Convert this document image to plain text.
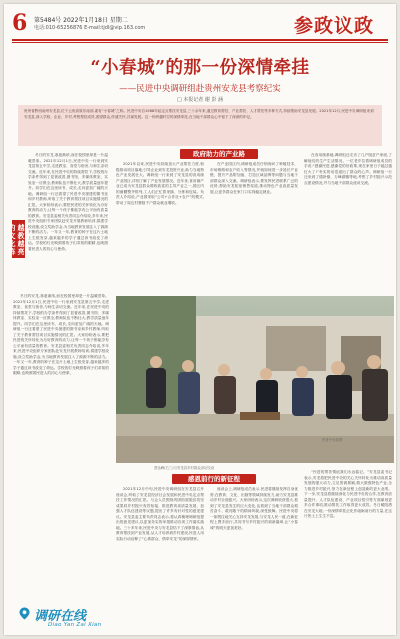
6 第5484号 2022年1月18日 星期二
电话:010-65256876 E-mail:tjdl@vip.163.com	参政议政
“小春城”的那一份深情牵挂
——民进中央调研组赴贵州安龙县考察纪实
□ 本报记者 谢 彭 涵
贵州省黔西南州安龙县,位于云贵高原东南部,素有“小春城”之称。民进中央自1988年起定点帮扶安龙县,三十余年来,通过教育帮扶、产业帮扶、人才帮扶等多种方式,持续帮助安龙县发展。2021年12月,民进中央调研组来到安龙县,深入学校、企业、乡村,考察帮扶成效,看望群众,传递关怀,共谋发展。这一份跨越时空的深情牵挂,在当地干部群众心中留下了深深的印记。
越教越亮的文化阵

冬日的安龙,寒意渐浓,而在校园里却是一片温暖景象。2021年12月1日,民进中央一行来到安龙县第五中学,走进教室、食堂与宿舍,与师生亲切交流。近年来,在民进中央的持续帮扶下,学校的办学条件得到了显著改善,图书馆、多媒体教室、实验室一应俱全,教师队伍不断壮大,教学质量逐年提升。同学们在这里读书、成长,走向更加广阔的天地。调研组一行还看望了民进中央援建的图书室和乡村教师,听取了关于教育帮扶项目实施情况的汇报。大家纷纷表示,要把民进的关怀转化为办好教育的动力,让每一个孩子都能享有公平而有质量的教育。安龙县委相关负责同志介绍说,多年来,民进中央组织专家团队赴安龙开展教师培训,捐建学校设施,设立奖助学金,为当地教育发展注入了源源不断的活力。一年又一年,教育的种子在这片土地上生根发芽,越来越多的学子通过读书改变了命运。学校的灯光映照着孩子们求知的眼睛,也映照着民进人的初心与使命。

冬日的安龙,寒意渐浓,而在校园里却是一片温暖景象。2021年12月1日,民进中央一行来到安龙县第五中学,走进教室、食堂与宿舍,与师生亲切交流。近年来,在民进中央的持续帮扶下,学校的办学条件得到了显著改善,图书馆、多媒体教室、实验室一应俱全,教师队伍不断壮大,教学质量逐年提升。同学们在这里读书、成长,走向更加广阔的天地。调研组一行还看望了民进中央援建的图书室和乡村教师,听取了关于教育帮扶项目实施情况的汇报。大家纷纷表示,要把民进的关怀转化为办好教育的动力,让每一个孩子都能享有公平而有质量的教育。安龙县委相关负责同志介绍说,多年来,民进中央组织专家团队赴安龙开展教师培训,捐建学校设施,设立奖助学金,为当地教育发展注入了源源不断的活力。一年又一年,教育的种子在这片土地上生根发芽,越来越多的学子通过读书改变了命运。学校的灯光映照着孩子们求知的眼睛,也映照着民进人的初心与使命。

政府助力的产业路

2021年以来,民进中央持续加大产业帮扶力度,积极推动项目落地,引导企业到安龙投资兴业,助力当地特色产业发展壮大。调研组一行来到了安龙县的食用菌产业园区,详细了解了产业发展情况。近年来,食用菌产业已成为安龙县群众增收致富的主导产业之一,园区内的菌棚整齐排列,工人们正忙着采摘、分拣和包装。负责人介绍说,产业园采取“公司+合作社+农户”的模式,带动了周边村寨数千户群众就业增收。

在产业园区内,调研组成员仔细询问了种植技术、市场销路和农户收入等情况,并就如何进一步延长产业链、提升产品附加值、打造区域品牌等问题与当地干部群众深入交流。调研组表示,要发挥民进联系广泛的优势,帮助安龙拓宽销售渠道,推动特色产业高质量发展,让更多群众在家门口实现稳定就业。

在食用菌基地,调研组还走访了几户脱贫户家庭,了解他们的生产生活情况。一位老乡拉着调研组成员的手说:“感谢民进,感谢党的好政策,现在家里日子越过越红火了!”朴实的话语道出了群众的心声。调研组一行还来到了德卧镇、万峰湖镇等地,考察了乡村振兴示范点建设情况,并与当地干部群众座谈交流。

蔡达峰(右三)与安龙县乡村群众亲切交谈
民进中央供图
感恩前行的新征程

2021年12月中旬,民进中央调研组在安龙县召开座谈会,听取了安龙县经济社会发展和民进中央定点帮扶工作情况的汇报。与会人员围绕巩固拓展脱贫攻坚成果同乡村振兴有效衔接、推进教育高质量发展、加强人才队伍建设等议题,提出了许多有针对性的意见建议。安龙县委主要负责同志表示,将认真梳理调研组提出的意见建议,以更加务实的举措推动各项工作落实落地。三十多年来,民进中央与安龙县结下了深厚情谊,从教育帮扶到产业发展,从人才培养到乡村建设,民进人用实际行动诠释了“心系群众、情牵安龙”的深厚情怀。

座谈会上,调研组成员表示,民进将继续发挥自身优势,在教育、文化、出版等领域持续发力,助力安龙县推动乡村全面振兴。大家纷纷表示,这次调研收获很大,看到了安龙县发生的巨大变化,也看到了当地干部群众艰苦奋斗、敢闯敢干的精神风貌,深受鼓舞。民进中央将一如既往地关心支持安龙发展,与安龙人民一道,在新征程上携手前行,共同书写乡村振兴的崭新篇章,让“小春城”的明天更加美好。

“民进的帮扶情谊我们永远铭记。”安龙县委书记表示,安龙将把民进中央的关心关怀转化为推动高质量发展的强大动力,立足资源禀赋,做大做强特色产业,全力推进乡村振兴,努力在新征程上创造新的更大业绩。下一步,安龙县将继续深化与民进中央的合作,在教育质量提升、人才队伍建设、产业项目招引等方面谋划更多合作事项,推动帮扶工作取得更大成效。冬日暖阳洒在安龙大地,一份深情牵挂正化作砥砺前行的力量,在这片热土上生生不息。

调研在线
Diao Yan Zai Xian
